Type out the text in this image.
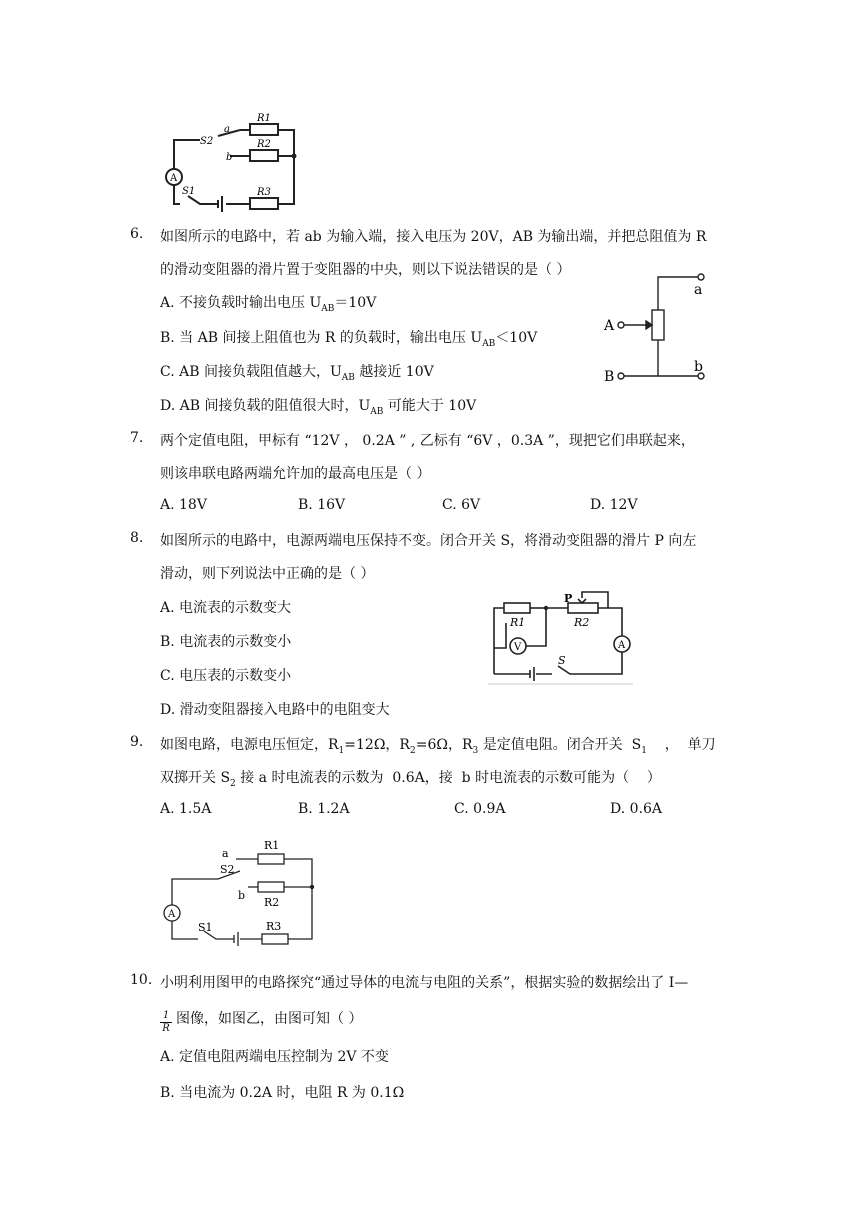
A
S2
a
b
R1
R2
R3
S1
6. 如图所示的电路中，若 ab 为输入端，接入电压为 20V，AB 为输出端，并把总阻值为 R
的滑动变阻器的滑片置于变阻器的中央，则以下说法错误的是（ ）
A. 不接负载时输出电压 $U_{AB}=10V$
B. 当 AB 间接上阻值也为 R 的负载时，输出电压 $U_{AB}<10V$
C. AB 间接负载阻值越大，$U_{AB}$ 越接近 10V
D. AB 间接负载的阻值很大时，$U_{AB}$ 可能大于 10V
a
b
A
B
7. 两个定值电阻，甲标有 “12V ， 0.2A ” , 乙标有 “6V ，0.3A ”，现把它们串联起来，
则该串联电路两端允许加的最高电压是（ ）
A. 18V	B. 16V	C. 6V	D. 12V
8. 如图所示的电路中，电源两端电压保持不变。闭合开关 S，将滑动变阻器的滑片 P 向左
滑动，则下列说法中正确的是（ ）
A. 电流表的示数变大
B. 电流表的示数变小
C. 电压表的示数变小
D. 滑动变阻器接入电路中的电阻变大
P
R1	R2
V	A
S
9. 如图电路，电源电压恒定，$R_1=12\Omega$，$R_2=6\Omega$，$R_3$ 是定值电阻。闭合开关  $S_1$    ，  单刀
双掷开关 $S_2$ 接 a 时电流表的示数为  0.6A，接  b 时电流表的示数可能为（    ）
A. 1.5A	B. 1.2A	C. 0.9A	D. 0.6A
A
a
b
S2
R1
R2
R3
S1
10. 小明利用图甲的电路探究“通过导体的电流与电阻的关系”，根据实验的数据绘出了 I—
$\frac{1}{R}$ 图像，如图乙，由图可知（ ）
A. 定值电阻两端电压控制为 2V 不变
B. 当电流为 0.2A 时，电阻 R 为 0.1Ω
